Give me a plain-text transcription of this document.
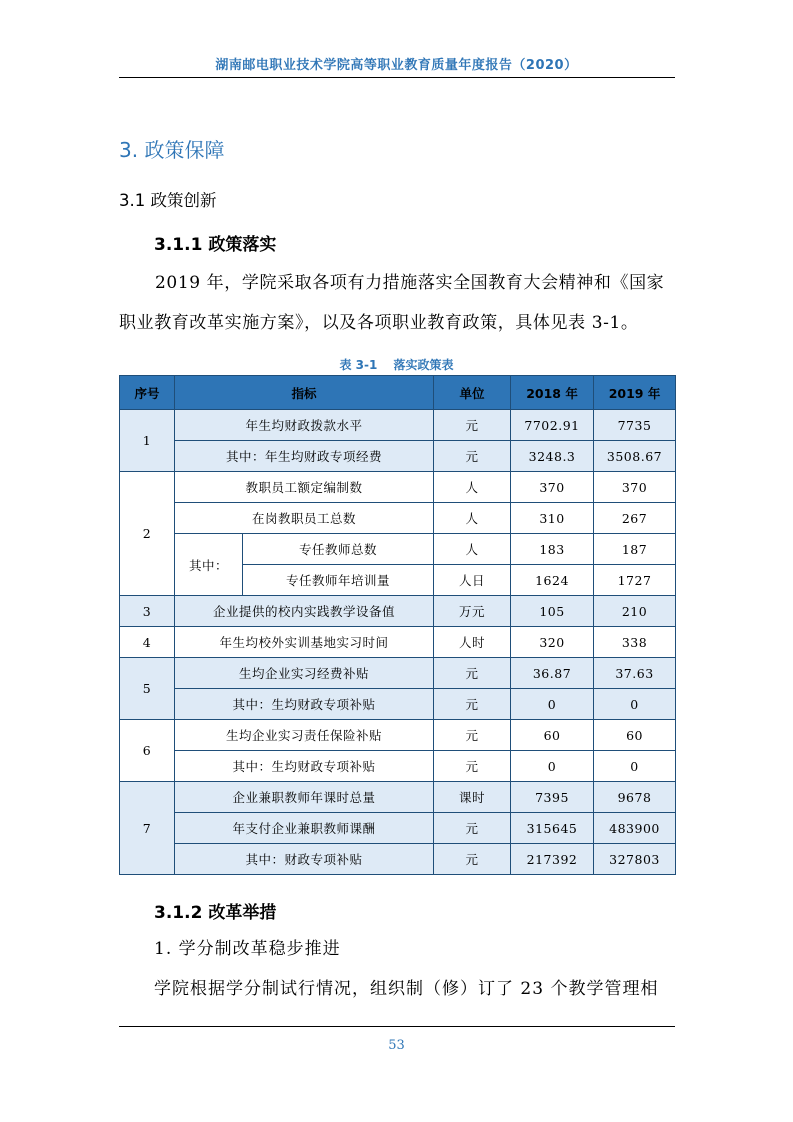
湖南邮电职业技术学院高等职业教育质量年度报告（2020）
3. 政策保障
3.1 政策创新
3.1.1 政策落实
2019 年，学院采取各项有力措施落实全国教育大会精神和《国家职业教育改革实施方案》，以及各项职业教育政策，具体见表 3-1。
表 3-1 落实政策表
序号	指标		单位	2018 年	2019 年
1	年生均财政拨款水平		元	7702.91	7735
	其中：年生均财政专项经费		元	3248.3	3508.67
2	教职员工额定编制数		人	370	370
	在岗教职员工总数		人	310	267
	其中：	专任教师总数	人	183	187
		专任教师年培训量	人日	1624	1727
3	企业提供的校内实践教学设备值		万元	105	210
4	年生均校外实训基地实习时间		人时	320	338
5	生均企业实习经费补贴		元	36.87	37.63
	其中：生均财政专项补贴		元	0	0
6	生均企业实习责任保险补贴		元	60	60
	其中：生均财政专项补贴		元	0	0
7	企业兼职教师年课时总量		课时	7395	9678
	年支付企业兼职教师课酬		元	315645	483900
	其中：财政专项补贴		元	217392	327803
3.1.2 改革举措
1. 学分制改革稳步推进
学院根据学分制试行情况，组织制（修）订了 23 个教学管理相
53
